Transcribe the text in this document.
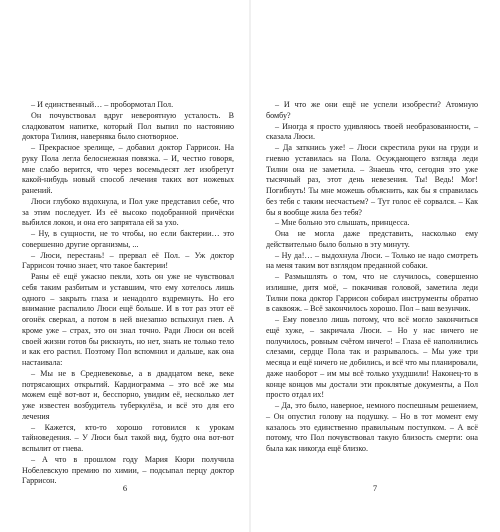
– И единственный… – пробормотал Пол.

Он почувствовал вдруг невероятную усталость. В сладковатом напитке, который Пол выпил по настоянию доктора Тилиня, наверняка было снотворное.

– Прекрасное зрелище, – добавил доктор Гаррисон. На руку Пола легла белоснежная повязка. – И, честно говоря, мне слабо верится, что через восемьдесят лет изобретут какой-нибудь новый способ лечения таких вот ножевых ранений.

Люси глубоко вздохнула, и Пол уже представил себе, что за этим последует. Из её высоко подобранной причёски выбился локон, и она его запрятала ей за ухо.

– Ну, в сущности, не то чтобы, но если бактерии… это совершенно другие организмы, ...

– Люси, перестань! – прервал её Пол. – Уж доктор Гаррисон точно знает, что такое бактерии!

Раны её ещё ужасно пекли, хоть он уже не чувствовал себя таким разбитым и уставшим, что ему хотелось лишь одного – закрыть глаза и ненадолго вздремнуть. Но его внимание распалило Люси ещё больше. И в тот раз этот её огонёк сверкал, а потом в ней внезапно вспыхнул гнев. А кроме уже – страх, это он знал точно. Ради Люси он всей своей жизни готов бы рискнуть, но нет, знать не только тело и как его растил. Поэтому Пол вспомнил и дальше, как она настаивала:

– Мы не в Средневековье, а в двадцатом веке, веке потрясающих открытий. Кардиограмма – это всё же мы можем ещё вот-вот и, бесспорно, увидим её, несколько лет уже известен возбудитель туберкулёза, и всё это для его лечения

– Кажется, кто-то хорошо готовился к урокам тайноведения. – У Люси был такой вид, будто она вот-вот вспылит от гнева.

– А что в прошлом году Мария Кюри получила Нобелевскую премию по химии, – подсыпал перцу доктор Гаррисон.

6

– И что же они ещё не успели изобрести? Атомную бомбу?

– Иногда я просто удивляюсь твоей необразованности, – сказала Люси.

– Да заткнись уже! – Люси скрестила руки на груди и гневно уставилась на Пола. Осуждающего взгляда леди Тилни она не заметила. – Знаешь что, сегодня это уже тысячный раз, этот день невезения. Ты! Ведь! Мог! Погибнуть! Ты мне можешь объяснить, как бы я справилась без тебя с таким несчастьем? – Тут голос её сорвался. – Как бы я вообще жила без тебя?

– Мне больно это слышать, принцесса.

Она не могла даже представить, насколько ему действительно было больно в эту минуту.

– Ну да!… – выдохнула Люси. – Только не надо смотреть на меня таким вот взглядом преданной собаки.

– Размышлять о том, что не случилось, совершенно излишне, дитя моё, – покачивая головой, заметила леди Тилни пока доктор Гаррисон собирал инструменты обратно в саквояж. – Всё закончилось хорошо. Пол – ваш везунчик.

– Ему повезло лишь потому, что всё могло закончиться ещё хуже, – закричала Люси. – Но у нас ничего не получилось, ровным счётом ничего! – Глаза её наполнились слезами, сердце Пола так и разрывалось. – Мы уже три месяца и ещё ничего не добились, и всё что мы планировали, даже наоборот – им мы всё только ухудшили! Наконец-то в конце концов мы достали эти проклятые документы, а Пол просто отдал их!

– Да, это было, наверное, немного поспешным решением, – Он опустил голову на подушку. – Но в тот момент ему казалось это единственно правильным поступком. – А всё потому, что Пол почувствовал такую близость смерти: она была как никогда ещё близко.

7
